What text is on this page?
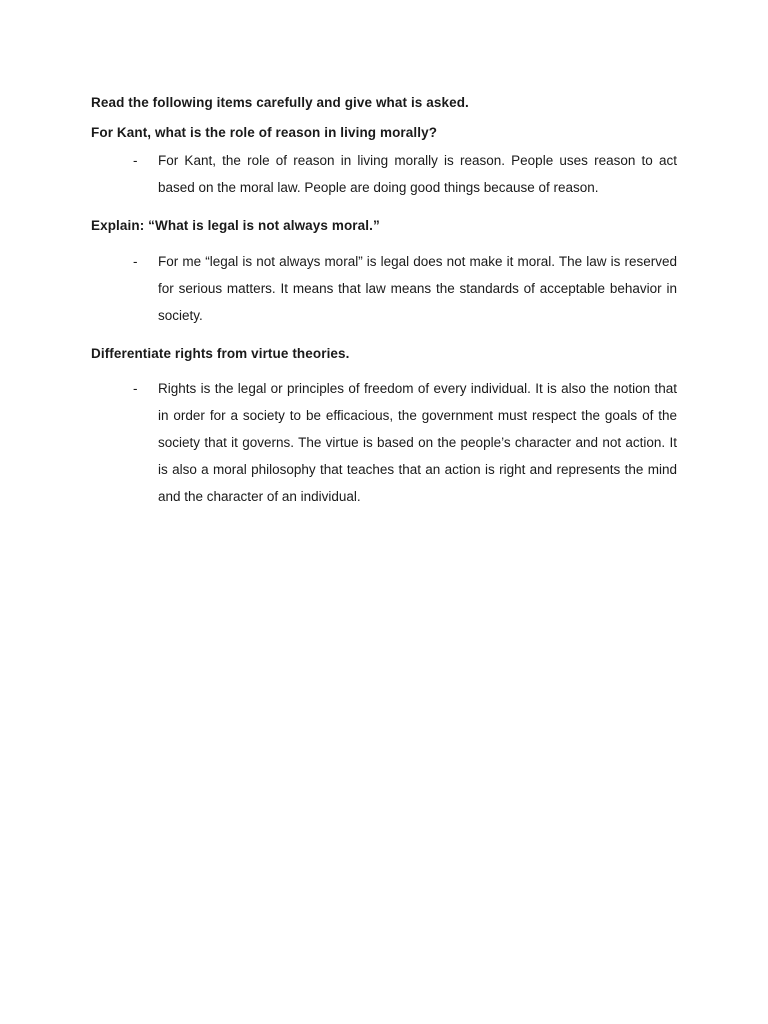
Read the following items carefully and give what is asked.

For Kant, what is the role of reason in living morally?

- For Kant, the role of reason in living morally is reason. People uses reason to act based on the moral law. People are doing good things because of reason.

Explain: “What is legal is not always moral.”

- For me “legal is not always moral” is legal does not make it moral. The law is reserved for serious matters. It means that law means the standards of acceptable behavior in society.

Differentiate rights from virtue theories.

- Rights is the legal or principles of freedom of every individual. It is also the notion that in order for a society to be efficacious, the government must respect the goals of the society that it governs. The virtue is based on the people’s character and not action. It is also a moral philosophy that teaches that an action is right and represents the mind and the character of an individual.
